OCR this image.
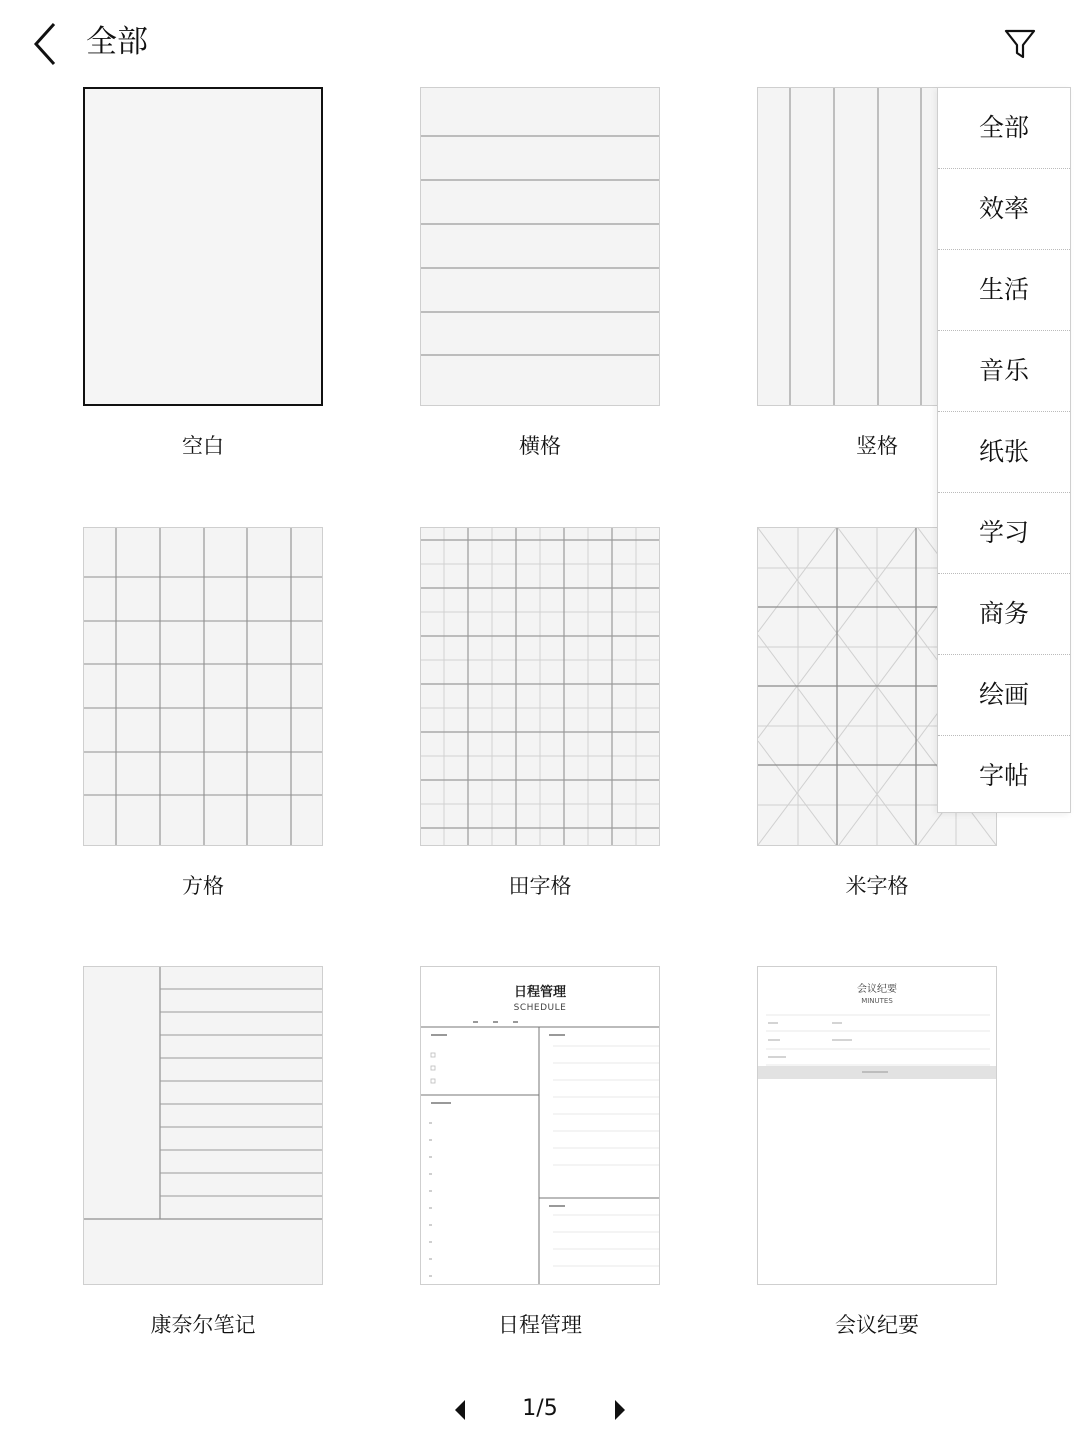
全部
空白	横格	竖格
方格	田字格	米字格
康奈尔笔记
日程管理
SCHEDULE
日程管理
会议纪要
MINUTES
会议纪要
全部
效率
生活
音乐
纸张
学习
商务
绘画
字帖
1/5
